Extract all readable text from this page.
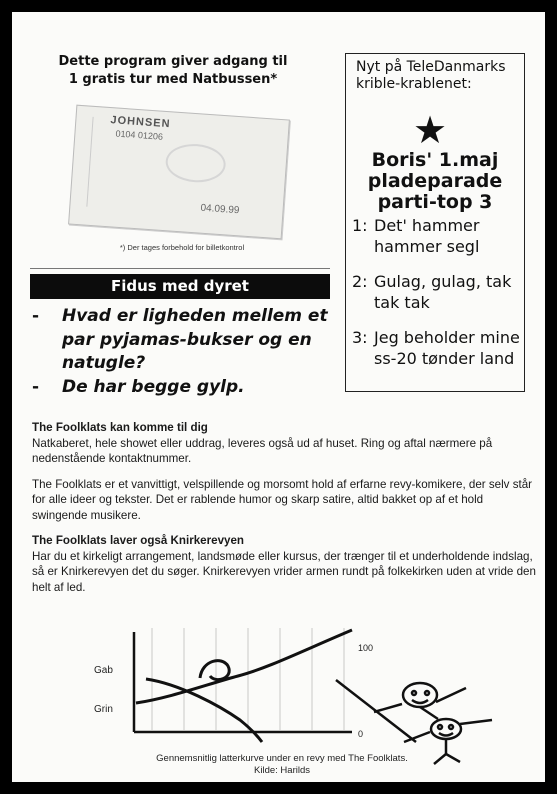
Dette program giver adgang til
1 gratis tur med Natbussen*
JOHNSEN
0104 01206
04.09.99
*) Der tages forbehold for billetkontrol
Fidus med dyret
- Hvad er ligheden mellem et par pyjamas-bukser og en natugle?
- De har begge gylp.
Nyt på TeleDanmarks krible-krablenet:
★
Boris' 1.maj pladeparade parti-top 3
1: Det' hammer hammer segl
2: Gulag, gulag, tak tak tak
3: Jeg beholder mine ss-20 tønder land
The Foolklats kan komme til dig

Natkaberet, hele showet eller uddrag, leveres også ud af huset. Ring og aftal nærmere på nedenstående kontaktnummer.

The Foolklats er et vanvittigt, velspillende og morsomt hold af erfarne revy-komikere, der selv står for alle ideer og tekster. Det er rablende humor og skarp satire, altid bakket op af et hold swingende musikere.

The Foolklats laver også Knirkerevyen

Har du et kirkeligt arrangement, landsmøde eller kursus, der trænger til et underholdende indslag, så er Knirkerevyen det du søger. Knirkerevyen vrider armen rundt på folkekirken uden at vride den helt af led.

Gab
Grin
100
0
Gennemsnitlig latterkurve under en revy med The Foolklats.
Kilde: Harilds
